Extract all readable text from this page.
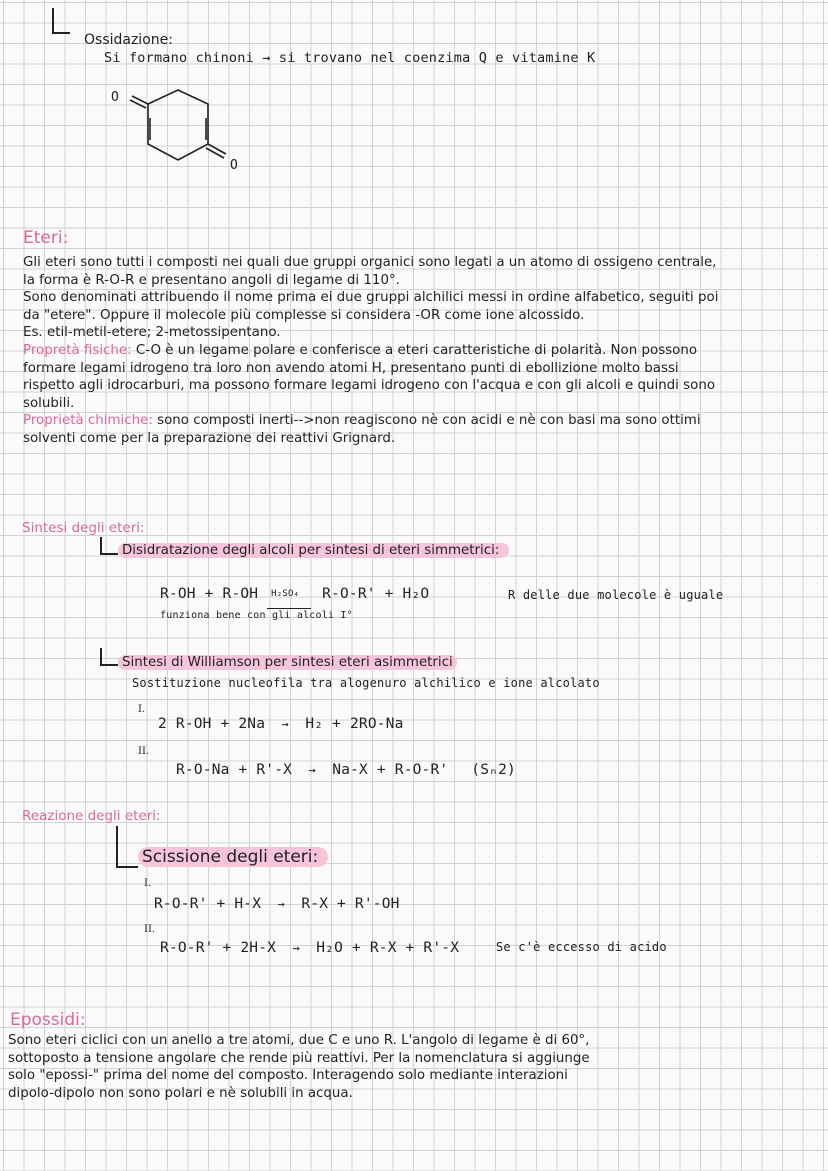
Ossidazione:
Si formano chinoni → si trovano nel coenzima Q e vitamine K
O
O
Eteri:

Gli eteri sono tutti i composti nei quali due gruppi organici sono legati a un atomo di ossigeno centrale,

la forma è R-O-R e presentano angoli di legame di 110°.

Sono denominati attribuendo il nome prima ei due gruppi alchilici messi in ordine alfabetico, seguiti poi

da "etere". Oppure il molecole più complesse si considera -OR come ione alcossido.

Es. etil-metil-etere; 2-metossipentano.

Propretà fisiche: C-O è un legame polare e conferisce a eteri caratteristiche di polarità. Non possono

formare legami idrogeno tra loro non avendo atomi H, presentano punti di ebollizione molto bassi

rispetto agli idrocarburi, ma possono formare legami idrogeno con l'acqua e con gli alcoli e quindi sono

solubili.

Proprietà chimiche: sono composti inerti-->non reagiscono nè con acidi e nè con basi ma sono ottimi

solventi come per la preparazione dei reattivi Grignard.

Sintesi degli eteri:
Disidratazione degli alcoli per sintesi di eteri simmetrici:
R-OH + R-OH H₂SO₄ R-O-R' + H₂O	R delle due molecole è uguale
funziona bene con gli alcoli I°
Sintesi di Williamson per sintesi eteri asimmetrici
Sostituzione nucleofila tra alogenuro alchilico e ione alcolato
I.
2 R-OH + 2Na  →  H₂ + 2RO-Na
II.
R-O-Na + R'-X  →  Na-X + R-O-R' (Sₙ2)
Reazione degli eteri:
Scissione degli eteri:
I.
R-O-R' + H-X  →  R-X + R'-OH
II.
R-O-R' + 2H-X  →  H₂O + R-X + R'-X	Se c'è eccesso di acido
Epossidi:

Sono eteri ciclici con un anello a tre atomi, due C e uno R. L'angolo di legame è di 60°,

sottoposto a tensione angolare che rende più reattivi. Per la nomenclatura si aggiunge

solo "epossi-" prima del nome del composto. Interagendo solo mediante interazioni

dipolo-dipolo non sono polari e nè solubili in acqua.
